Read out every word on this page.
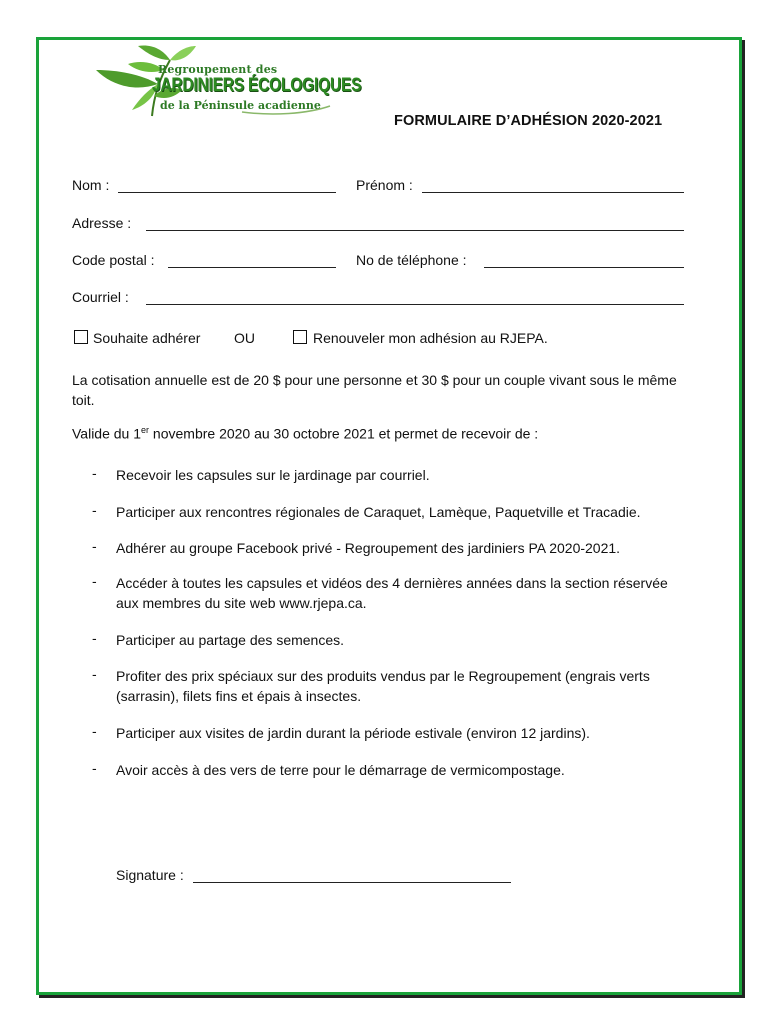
Regroupement des
JARDINIERS ÉCOLOGIQUES
de la Péninsule acadienne
FORMULAIRE D’ADHÉSION 2020-2021
Nom :	Prénom :
Adresse :
Code postal :	No de téléphone :
Courriel :
Souhaite adhérer OU	Renouveler mon adhésion au RJEPA.
La cotisation annuelle est de 20 $ pour une personne et 30 $ pour un couple vivant sous le même toit.
Valide du 1er novembre 2020 au 30 octobre 2021 et permet de recevoir de :
- Recevoir les capsules sur le jardinage par courriel.
- Participer aux rencontres régionales de Caraquet, Lamèque, Paquetville et Tracadie.
- Adhérer au groupe Facebook privé - Regroupement des jardiniers PA 2020-2021.
- Accéder à toutes les capsules et vidéos des 4 dernières années dans la section réservée aux membres du site web www.rjepa.ca.
- Participer au partage des semences.
- Profiter des prix spéciaux sur des produits vendus par le Regroupement (engrais verts (sarrasin), filets fins et épais à insectes.
- Participer aux visites de jardin durant la période estivale (environ 12 jardins).
- Avoir accès à des vers de terre pour le démarrage de vermicompostage.
Signature :
